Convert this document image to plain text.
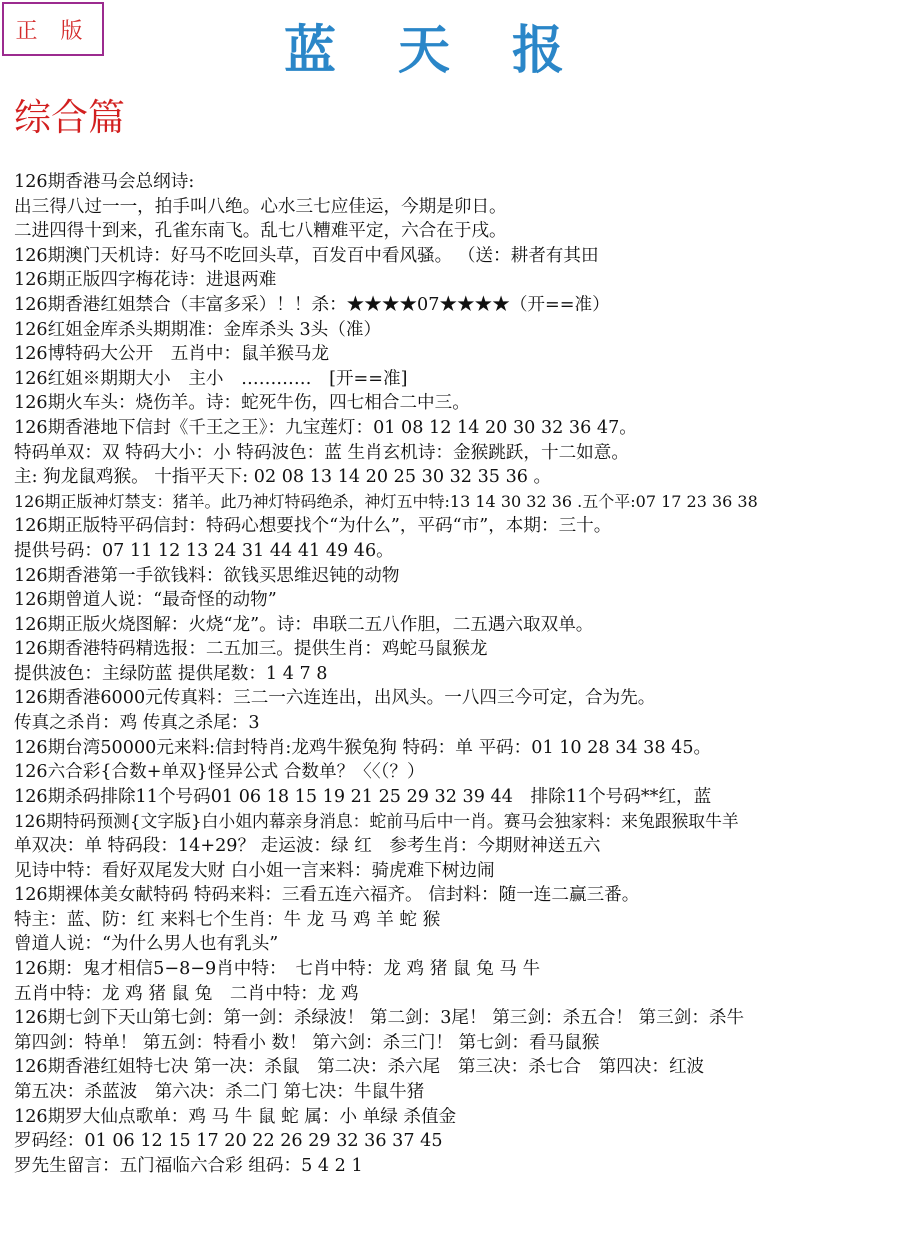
正 版	蓝天报
综合篇
126期香港马会总纲诗:
出三得八过一一，拍手叫八绝。心水三七应佳运，今期是卯日。
二进四得十到来，孔雀东南飞。乱七八糟难平定，六合在于戌。
126期澳门天机诗：好马不吃回头草，百发百中看风骚。 （送：耕者有其田
126期正版四字梅花诗：进退两难
126期香港红姐禁合（丰富多采）！！杀：★★★★07★★★★（开==准）
126红姐金库杀头期期准：金库杀头 3头（准）
126博特码大公开　五肖中：鼠羊猴马龙
126红姐※期期大小　主小　…………　[开==准]
126期火车头：烧伤羊。诗：蛇死牛伤，四七相合二中三。
126期香港地下信封《千王之王》：九宝莲灯：01 08 12 14 20 30 32 36 47。
特码单双：双 特码大小：小 特码波色：蓝 生肖玄机诗：金猴跳跃，十二如意。
主: 狗龙鼠鸡猴。 十指平天下: 02 08 13 14 20 25 30 32 35 36 。
126期正版神灯禁支：猪羊。此乃神灯特码绝杀，神灯五中特:13 14 30 32 36 .五个平:07 17 23 36 38
126期正版特平码信封：特码心想要找个“为什么”，平码“市”，本期：三十。
提供号码：07 11 12 13 24 31 44 41 49 46。
126期香港第一手欲钱料：欲钱买思维迟钝的动物
126期曾道人说：“最奇怪的动物”
126期正版火烧图解：火烧“龙”。诗：串联二五八作胆，二五遇六取双单。
126期香港特码精选报：二五加三。提供生肖：鸡蛇马鼠猴龙
提供波色：主绿防蓝 提供尾数：1 4 7 8
126期香港6000元传真料：三二一六连连出，出风头。一八四三今可定，合为先。
传真之杀肖：鸡 传真之杀尾：3
126期台湾50000元来料:信封特肖:龙鸡牛猴兔狗 特码：单 平码：01 10 28 34 38 45。
126六合彩{合数+单双}怪异公式 合数单？〈〈（？）
126期杀码排除11个号码01 06 18 15 19 21 25 29 32 39 44　排除11个号码**红，蓝
126期特码预测{文字版}白小姐内幕亲身消息：蛇前马后中一肖。赛马会独家料：来兔跟猴取牛羊
单双决：单 特码段：14+29？ 走运波：绿 红　参考生肖：今期财神送五六
见诗中特：看好双尾发大财 白小姐一言来料：骑虎难下树边闹
126期裸体美女献特码 特码来料：三看五连六福齐。 信封料：随一连二赢三番。
特主：蓝、防：红 来料七个生肖：牛 龙 马 鸡 羊 蛇 猴
曾道人说：“为什么男人也有乳头”
126期：鬼才相信5−8−9肖中特：　七肖中特：龙 鸡 猪 鼠 兔 马 牛
五肖中特：龙 鸡 猪 鼠 兔　二肖中特：龙 鸡
126期七剑下天山第七剑：第一剑：杀绿波！ 第二剑：3尾！ 第三剑：杀五合！ 第三剑：杀牛
第四剑：特单！ 第五剑：特看小 数！ 第六剑：杀三门！ 第七剑：看马鼠猴
126期香港红姐特七决 第一决：杀鼠　第二决：杀六尾　第三决：杀七合　第四决：红波
第五决：杀蓝波　第六决：杀二门 第七决：牛鼠牛猪
126期罗大仙点歌单：鸡 马 牛 鼠 蛇 属：小 单绿 杀值金
罗码经：01 06 12 15 17 20 22 26 29 32 36 37 45
罗先生留言：五门福临六合彩 组码：5 4 2 1
